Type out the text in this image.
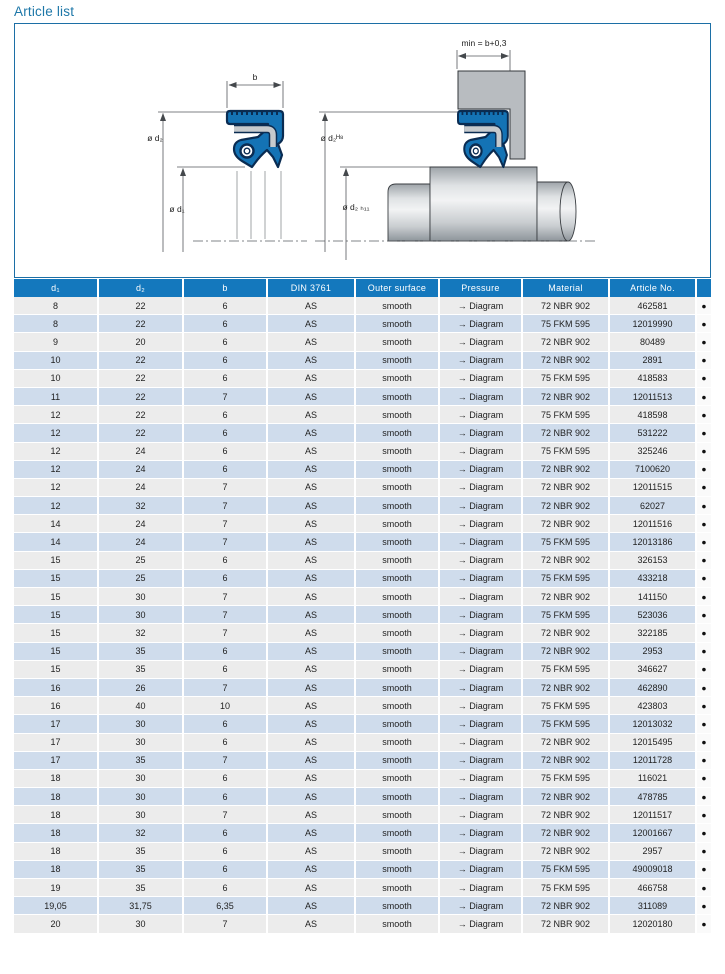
Article list
b
ø d₂
ø d₁
min = b+0,3
ø d₂ᴴ⁸
ø d₂ ₕ₁₁
d₁	d₂	b	DIN 3761	Outer surface	Pressure	Material	Article No.
8	22	6	AS	smooth	→ Diagram	72 NBR 902	462581	●
8	22	6	AS	smooth	→ Diagram	75 FKM 595	12019990	●
9	20	6	AS	smooth	→ Diagram	72 NBR 902	80489	●
10	22	6	AS	smooth	→ Diagram	72 NBR 902	2891	●
10	22	6	AS	smooth	→ Diagram	75 FKM 595	418583	●
11	22	7	AS	smooth	→ Diagram	72 NBR 902	12011513	●
12	22	6	AS	smooth	→ Diagram	75 FKM 595	418598	●
12	22	6	AS	smooth	→ Diagram	72 NBR 902	531222	●
12	24	6	AS	smooth	→ Diagram	75 FKM 595	325246	●
12	24	6	AS	smooth	→ Diagram	72 NBR 902	7100620	●
12	24	7	AS	smooth	→ Diagram	72 NBR 902	12011515	●
12	32	7	AS	smooth	→ Diagram	72 NBR 902	62027	●
14	24	7	AS	smooth	→ Diagram	72 NBR 902	12011516	●
14	24	7	AS	smooth	→ Diagram	75 FKM 595	12013186	●
15	25	6	AS	smooth	→ Diagram	72 NBR 902	326153	●
15	25	6	AS	smooth	→ Diagram	75 FKM 595	433218	●
15	30	7	AS	smooth	→ Diagram	72 NBR 902	141150	●
15	30	7	AS	smooth	→ Diagram	75 FKM 595	523036	●
15	32	7	AS	smooth	→ Diagram	72 NBR 902	322185	●
15	35	6	AS	smooth	→ Diagram	72 NBR 902	2953	●
15	35	6	AS	smooth	→ Diagram	75 FKM 595	346627	●
16	26	7	AS	smooth	→ Diagram	72 NBR 902	462890	●
16	40	10	AS	smooth	→ Diagram	75 FKM 595	423803	●
17	30	6	AS	smooth	→ Diagram	75 FKM 595	12013032	●
17	30	6	AS	smooth	→ Diagram	72 NBR 902	12015495	●
17	35	7	AS	smooth	→ Diagram	72 NBR 902	12011728	●
18	30	6	AS	smooth	→ Diagram	75 FKM 595	116021	●
18	30	6	AS	smooth	→ Diagram	72 NBR 902	478785	●
18	30	7	AS	smooth	→ Diagram	72 NBR 902	12011517	●
18	32	6	AS	smooth	→ Diagram	72 NBR 902	12001667	●
18	35	6	AS	smooth	→ Diagram	72 NBR 902	2957	●
18	35	6	AS	smooth	→ Diagram	75 FKM 595	49009018	●
19	35	6	AS	smooth	→ Diagram	75 FKM 595	466758	●
19,05	31,75	6,35	AS	smooth	→ Diagram	72 NBR 902	311089	●
20	30	7	AS	smooth	→ Diagram	72 NBR 902	12020180	●
